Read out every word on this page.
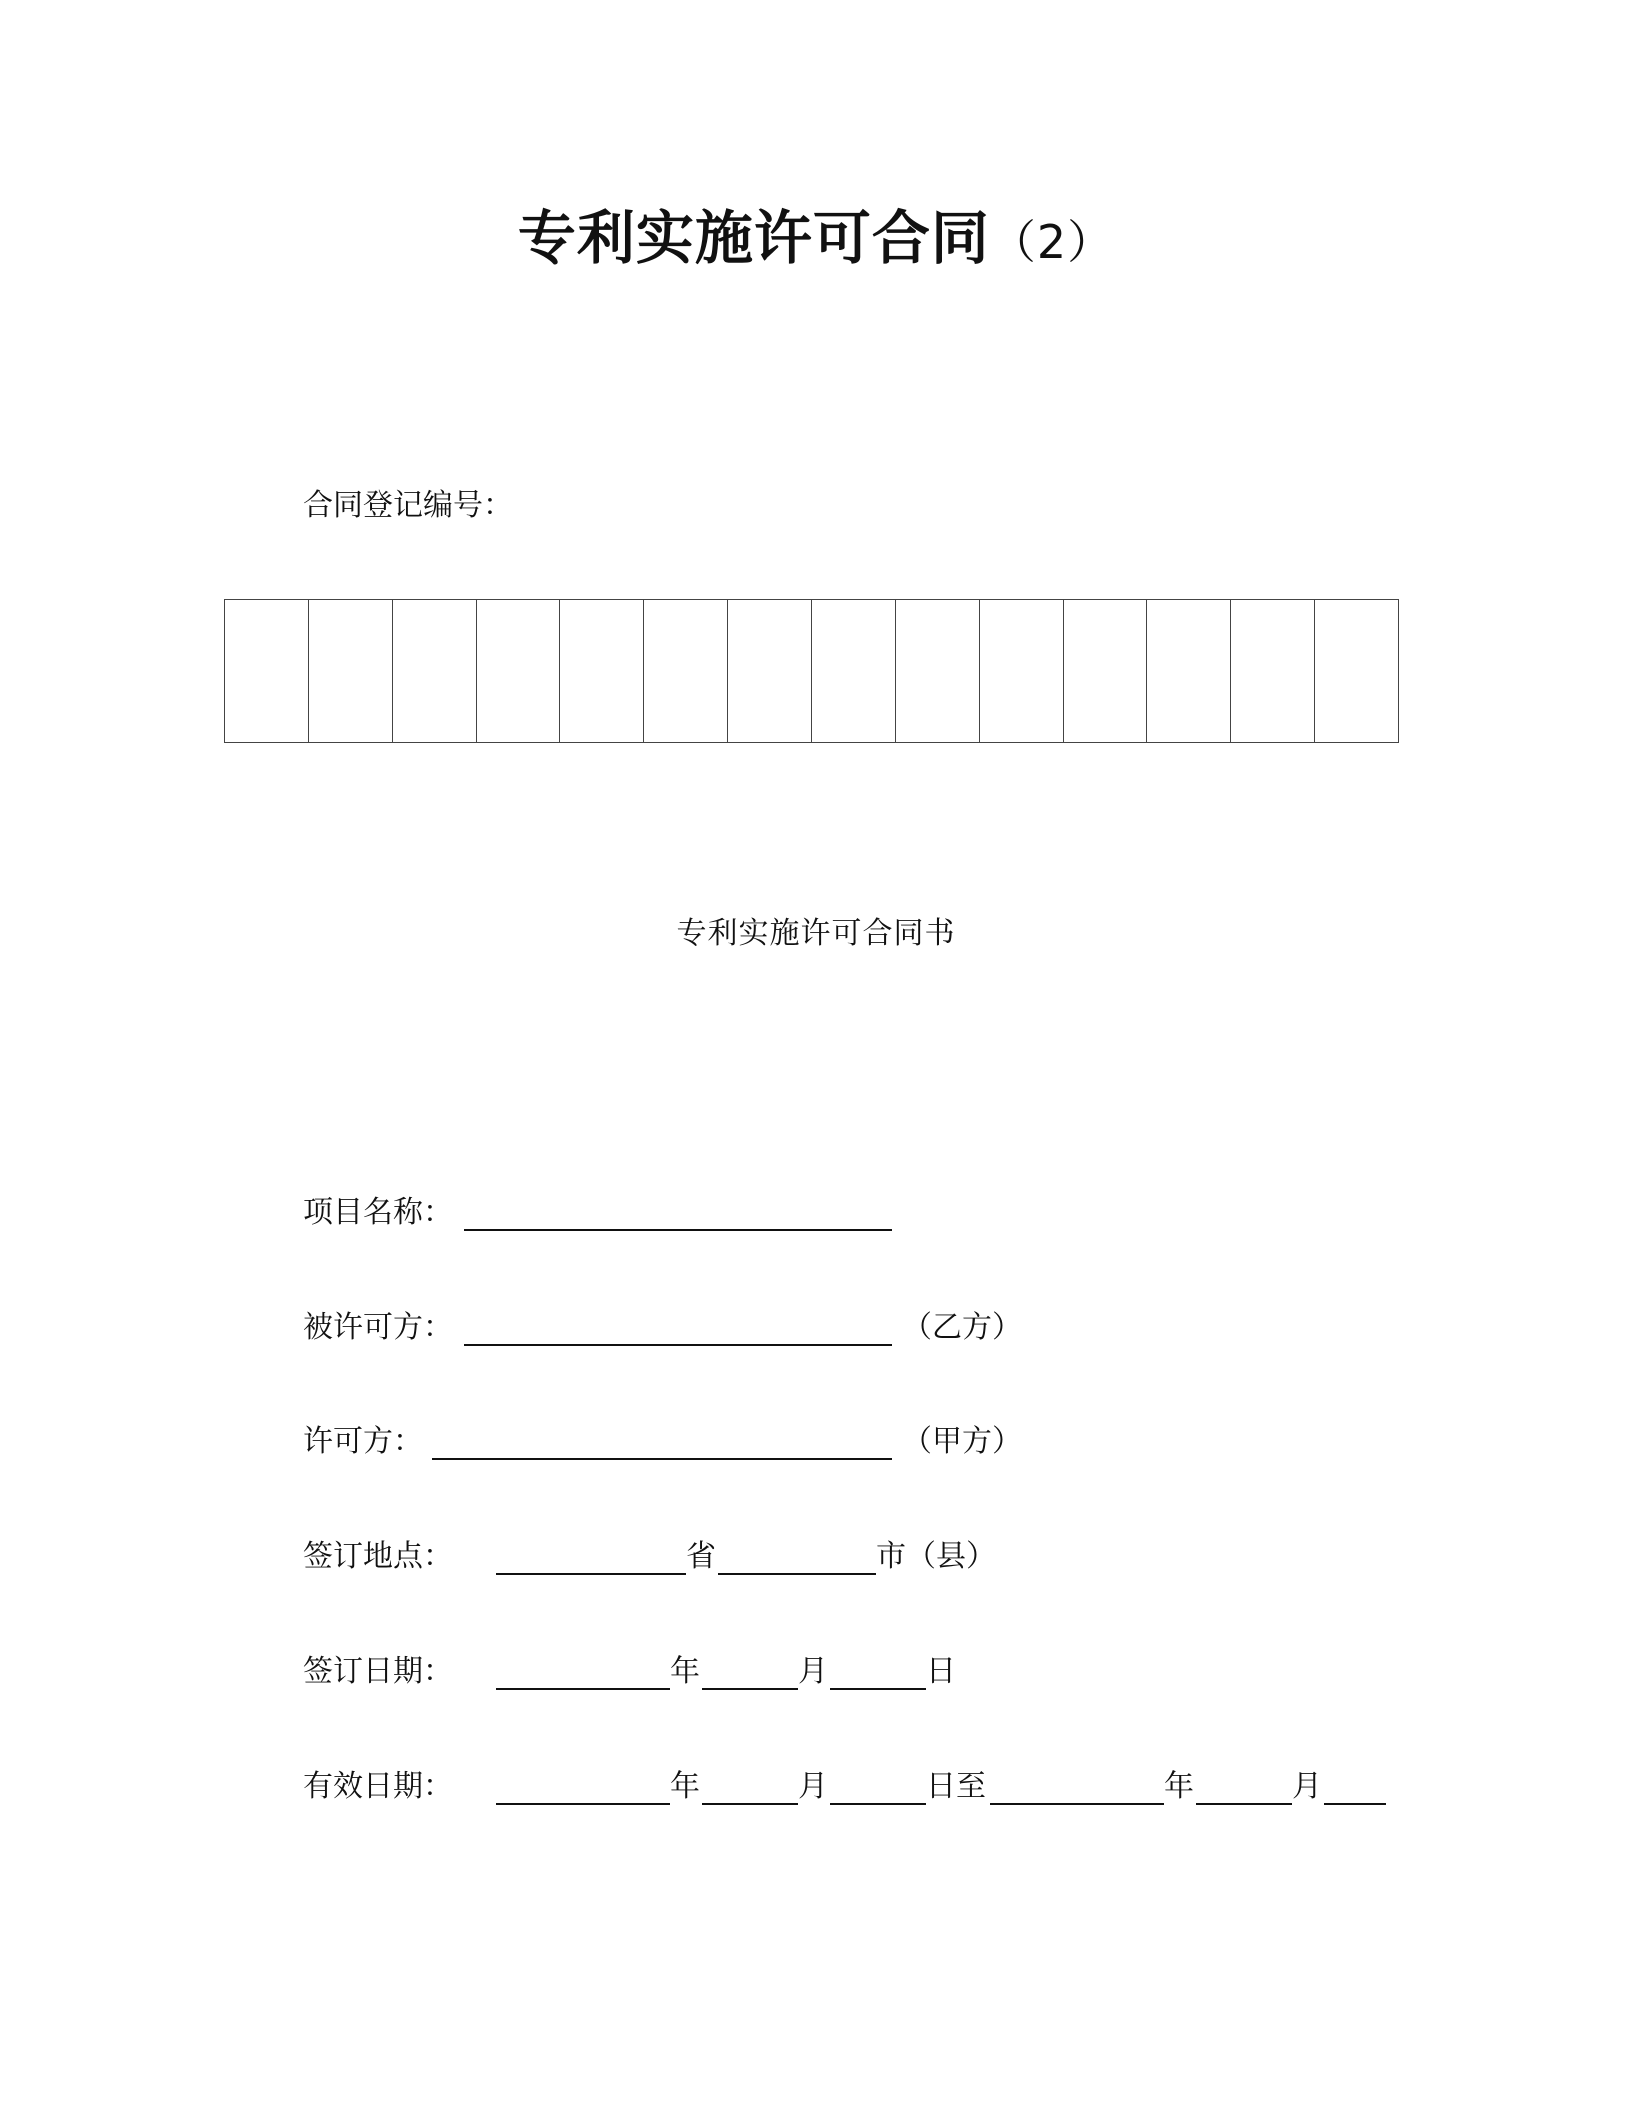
专利实施许可合同（2）
合同登记编号：
专利实施许可合同书
项目名称：
被许可方：	（乙方）
许可方：	（甲方）
签订地点：	省	市（县）
签订日期：	年	月	日
有效日期：	年	月	日至	年	月
